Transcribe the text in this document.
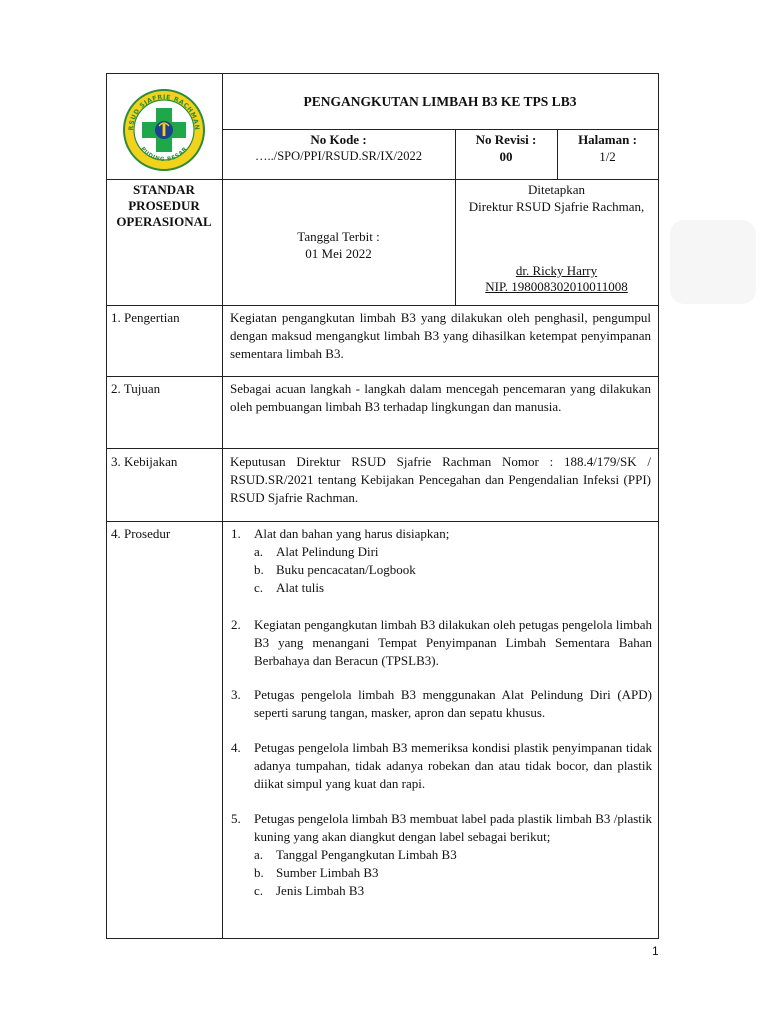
RSUD SJAFRIE RACHMAN
PUDING BESAR
PENGANGKUTAN LIMBAH B3 KE TPS LB3
No Kode :
…../SPO/PPI/RSUD.SR/IX/2022
No Revisi :
00
Halaman :
1/2
STANDAR
PROSEDUR
OPERASIONAL
Tanggal Terbit :
01 Mei 2022
Ditetapkan
Direktur RSUD Sjafrie Rachman,
dr. Ricky Harry
NIP. 198008302010011008
1. Pengertian	Kegiatan pengangkutan limbah B3 yang dilakukan oleh penghasil, pengumpul dengan maksud mengangkut limbah B3 yang dihasilkan ketempat penyimpanan sementara limbah B3.
2. Tujuan	Sebagai acuan langkah - langkah dalam mencegah pencemaran yang dilakukan oleh pembuangan limbah B3 terhadap lingkungan dan manusia.
3. Kebijakan	Keputusan Direktur RSUD Sjafrie Rachman Nomor : 188.4/179/SK / RSUD.SR/2021 tentang Kebijakan Pencegahan dan Pengendalian Infeksi (PPI) RSUD Sjafrie Rachman.
4. Prosedur	1. Alat dan bahan yang harus disiapkan;
a. Alat Pelindung Diri
b. Buku pencacatan/Logbook
c. Alat tulis
2. Kegiatan pengangkutan limbah B3 dilakukan oleh petugas pengelola limbah B3 yang menangani Tempat Penyimpanan Limbah Sementara Bahan Berbahaya dan Beracun (TPSLB3).
3. Petugas pengelola limbah B3 menggunakan Alat Pelindung Diri (APD) seperti sarung tangan, masker, apron dan sepatu khusus.
4. Petugas pengelola limbah B3 memeriksa kondisi plastik penyimpanan tidak adanya tumpahan, tidak adanya robekan dan atau tidak bocor, dan plastik diikat simpul yang kuat dan rapi.
5. Petugas pengelola limbah B3 membuat label pada plastik limbah B3 /plastik kuning yang akan diangkut dengan label sebagai berikut;
a. Tanggal Pengangkutan Limbah B3
b. Sumber Limbah B3
c. Jenis Limbah B3
1
